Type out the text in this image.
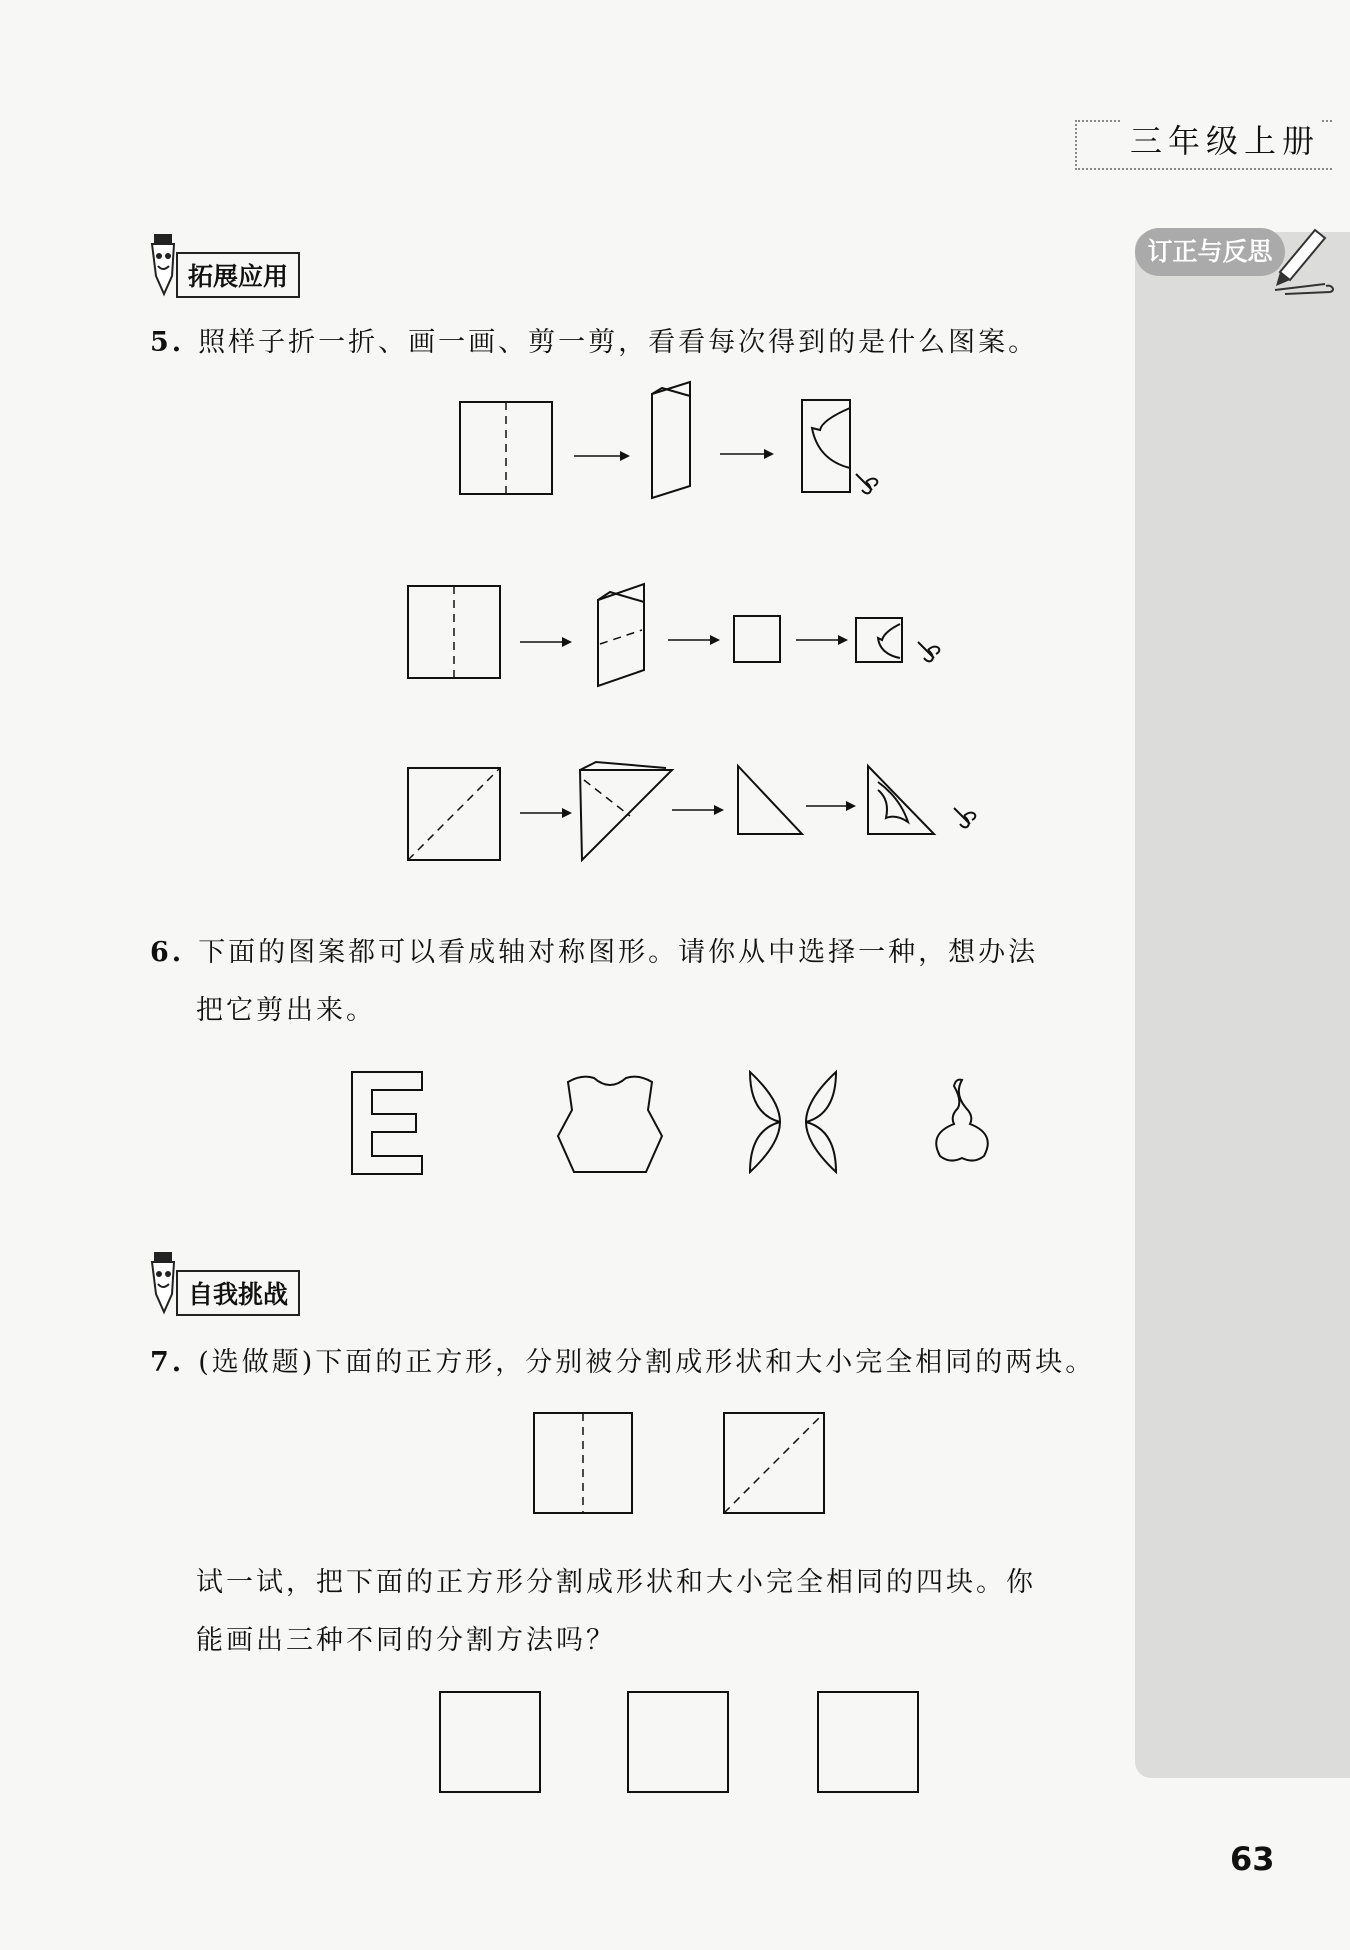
三年级上册
订正与反思
拓展应用
5. 照样子折一折、画一画、剪一剪，看看每次得到的是什么图案。
6. 下面的图案都可以看成轴对称图形。请你从中选择一种，想办法
把它剪出来。
自我挑战
7. (选做题)下面的正方形，分别被分割成形状和大小完全相同的两块。
试一试，把下面的正方形分割成形状和大小完全相同的四块。你
能画出三种不同的分割方法吗？
63
